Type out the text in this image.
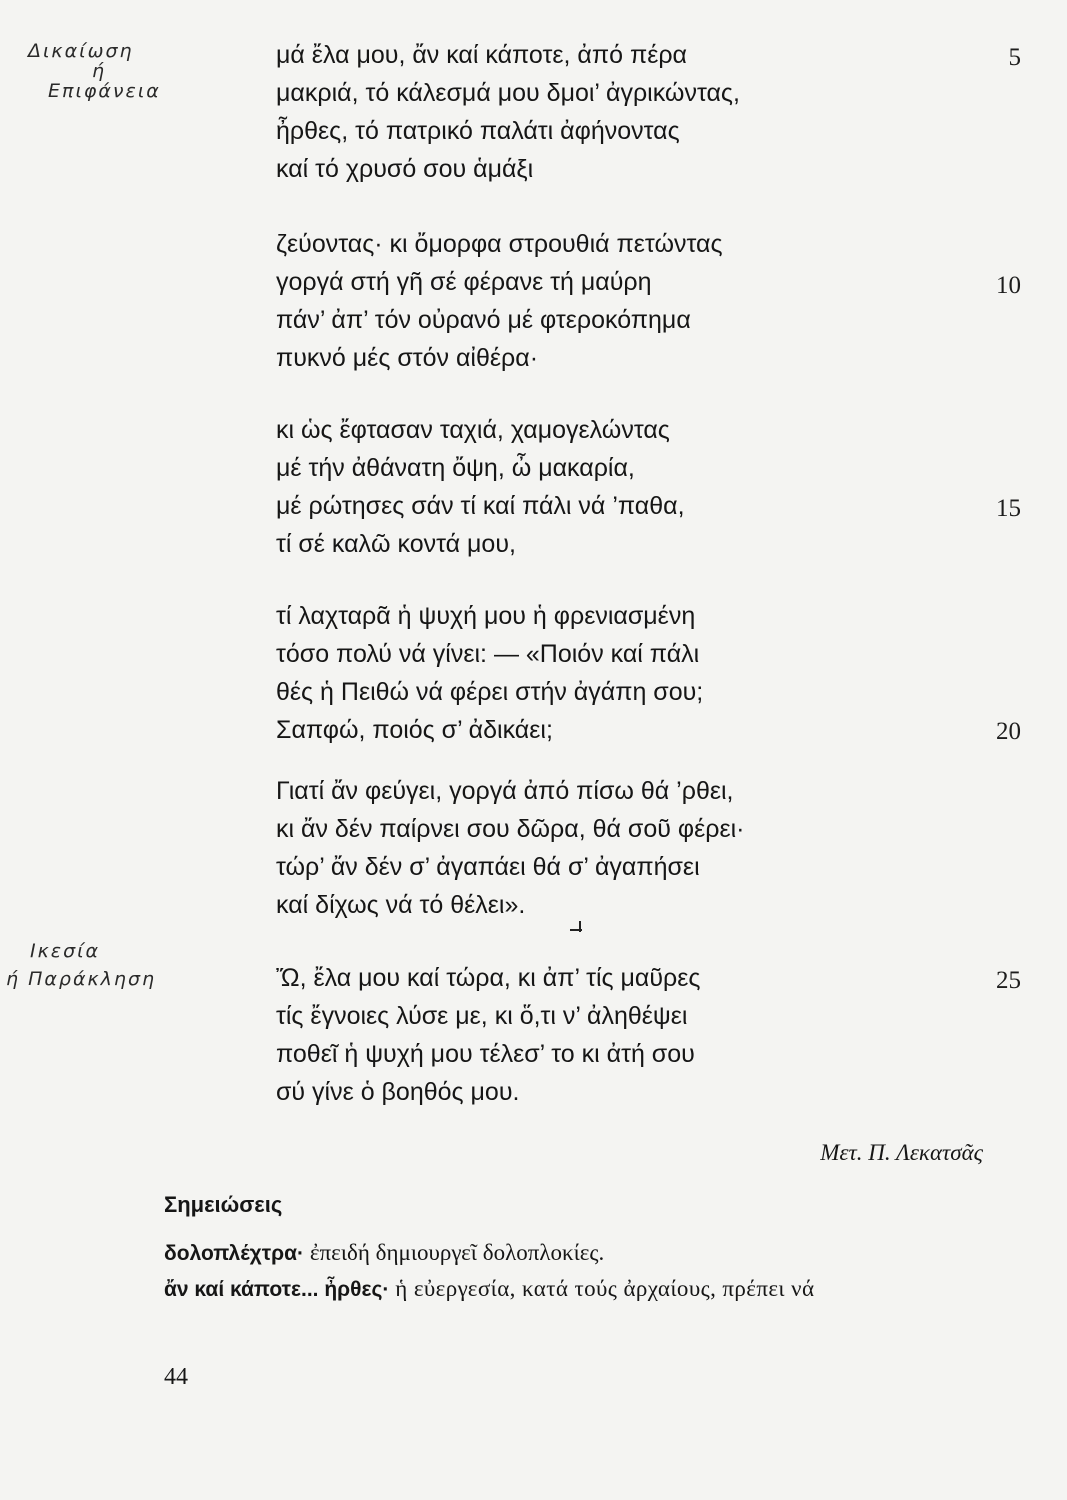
Δικαίωση
ή
Επιφάνεια
Ικεσία
ή Παράκληση
μά ἔλα μου, ἄν καί κάποτε, ἀπό πέρα
μακριά, τό κάλεσμά μου δμοι’ ἀγρικώντας,
ἦρθες, τό πατρικό παλάτι ἀφήνοντας
καί τό χρυσό σου ἁμάξι
ζεύοντας· κι ὄμορφα στρουθιά πετώντας
γοργά στή γῆ σέ φέρανε τή μαύρη
πάν’ ἀπ’ τόν οὐρανό μέ φτεροκόπημα
πυκνό μές στόν αἰθέρα·
κι ὡς ἔφτασαν ταχιά, χαμογελώντας
μέ τήν ἀθάνατη ὄψη, ὦ μακαρία,
μέ ρώτησες σάν τί καί πάλι νά ’παθα,
τί σέ καλῶ κοντά μου,
τί λαχταρᾶ ἡ ψυχή μου ἡ φρενιασμένη
τόσο πολύ νά γίνει: — «Ποιόν καί πάλι
θές ἡ Πειθώ νά φέρει στήν ἀγάπη σου;
Σαπφώ, ποιός σ’ ἀδικάει;
Γιατί ἄν φεύγει, γοργά ἀπό πίσω θά ’ρθει,
κι ἄν δέν παίρνει σου δῶρα, θά σοῦ φέρει·
τώρ’ ἄν δέν σ’ ἀγαπάει θά σ’ ἀγαπήσει
καί δίχως νά τό θέλει».
Ὤ, ἔλα μου καί τώρα, κι ἀπ’ τίς μαῦρες
τίς ἔγνοιες λύσε με, κι ὅ,τι ν’ ἀληθέψει
ποθεῖ ἡ ψυχή μου τέλεσ’ το κι ἀτή σου
σύ γίνε ὁ βοηθός μου.
5
10
15
20
25
Μετ. Π. Λεκατσᾶς
Σημειώσεις
δολοπλέχτρα· ἐπειδή δημιουργεῖ δολοπλοκίες.
ἄν καί κάποτε... ἦρθες· ἡ εὐεργεσία, κατά τούς ἀρχαίους, πρέπει νά
44
